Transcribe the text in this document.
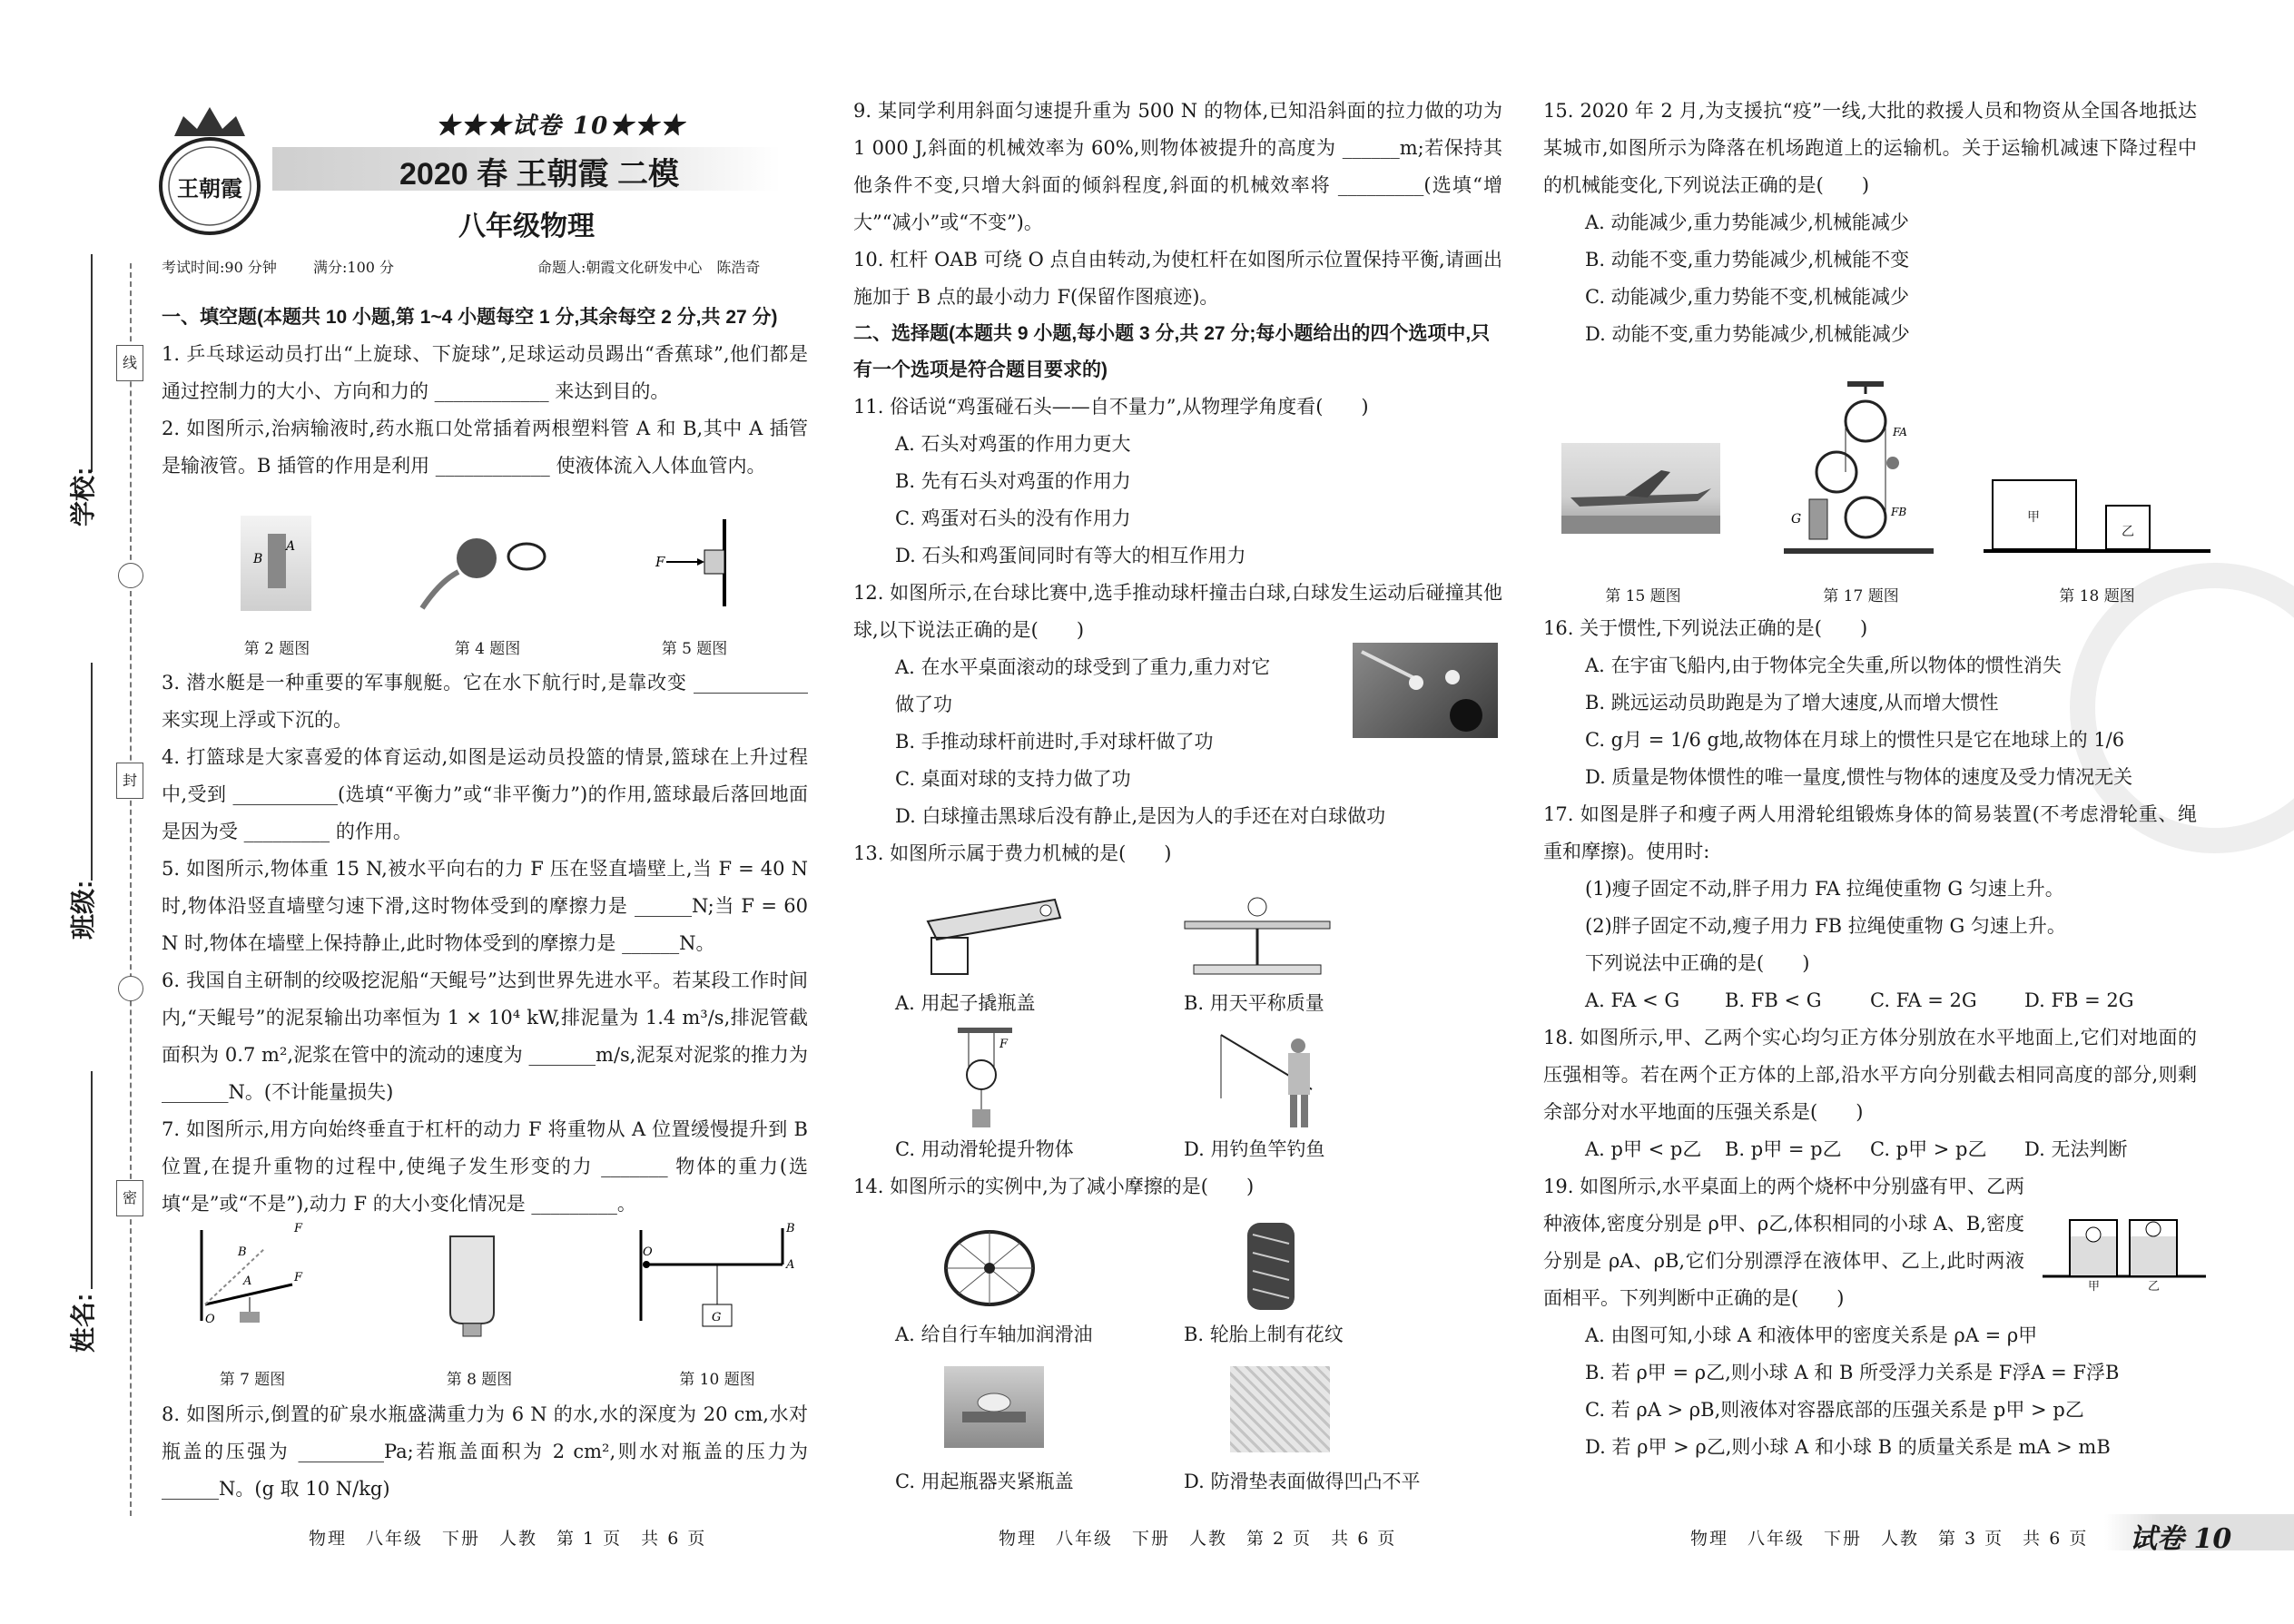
线
封
密
学校:
班级:
姓名:
王朝霞
★★★试卷 10★★★
2020 春 王朝霞 二模
八年级物理
考试时间:90 分钟	满分:100 分	命题人:朝霞文化研发中心　陈浩奇
一、填空题(本题共 10 小题,第 1~4 小题每空 1 分,其余每空 2 分,共 27 分)
1. 乒乓球运动员打出“上旋球、下旋球”,足球运动员踢出“香蕉球”,他们都是通过控制力的大小、方向和力的 ____________ 来达到目的。
2. 如图所示,治病输液时,药水瓶口处常插着两根塑料管 A 和 B,其中 A 插管是输液管。B 插管的作用是利用 ____________ 使液体流入人体血管内。
B
A
F
第 2 题图	第 4 题图	第 5 题图
3. 潜水艇是一种重要的军事舰艇。它在水下航行时,是靠改变 ____________ 来实现上浮或下沉的。
4. 打篮球是大家喜爱的体育运动,如图是运动员投篮的情景,篮球在上升过程中,受到 ___________(选填“平衡力”或“非平衡力”)的作用,篮球最后落回地面是因为受 _________ 的作用。
5. 如图所示,物体重 15 N,被水平向右的力 F 压在竖直墙壁上,当 F = 40 N 时,物体沿竖直墙壁匀速下滑,这时物体受到的摩擦力是 ______N;当 F = 60 N 时,物体在墙壁上保持静止,此时物体受到的摩擦力是 ______N。
6. 我国自主研制的绞吸挖泥船“天鲲号”达到世界先进水平。若某段工作时间内,“天鲲号”的泥泵输出功率恒为 1 × 10⁴ kW,排泥量为 1.4 m³/s,排泥管截面积为 0.7 m²,泥浆在管中的流动的速度为 _______m/s,泥泵对泥浆的推力为 _______N。(不计能量损失)
7. 如图所示,用方向始终垂直于杠杆的动力 F 将重物从 A 位置缓慢提升到 B 位置,在提升重物的过程中,使绳子发生形变的力 _______ 物体的重力(选填“是”或“不是”),动力 F 的大小变化情况是 _________。
O
A
B
F
F
G
O
A
B
第 7 题图	第 8 题图	第 10 题图
8. 如图所示,倒置的矿泉水瓶盛满重力为 6 N 的水,水的深度为 20 cm,水对瓶盖的压强为 _________Pa;若瓶盖面积为 2 cm²,则水对瓶盖的压力为 ______N。(g 取 10 N/kg)
物理　八年级　下册　人教　第 1 页　共 6 页
9. 某同学利用斜面匀速提升重为 500 N 的物体,已知沿斜面的拉力做的功为 1 000 J,斜面的机械效率为 60%,则物体被提升的高度为 ______m;若保持其他条件不变,只增大斜面的倾斜程度,斜面的机械效率将 _________(选填“增大”“减小”或“不变”)。
10. 杠杆 OAB 可绕 O 点自由转动,为使杠杆在如图所示位置保持平衡,请画出施加于 B 点的最小动力 F(保留作图痕迹)。
二、选择题(本题共 9 小题,每小题 3 分,共 27 分;每小题给出的四个选项中,只有一个选项是符合题目要求的)
11. 俗话说“鸡蛋碰石头——自不量力”,从物理学角度看(　　)
A. 石头对鸡蛋的作用力更大
B. 先有石头对鸡蛋的作用力
C. 鸡蛋对石头的没有作用力
D. 石头和鸡蛋间同时有等大的相互作用力
12. 如图所示,在台球比赛中,选手推动球杆撞击白球,白球发生运动后碰撞其他球,以下说法正确的是(　　)
A. 在水平桌面滚动的球受到了重力,重力对它做了功
B. 手推动球杆前进时,手对球杆做了功
C. 桌面对球的支持力做了功
D. 白球撞击黑球后没有静止,是因为人的手还在对白球做功
13. 如图所示属于费力机械的是(　　)
A. 用起子撬瓶盖	B. 用天平称质量
F
C. 用动滑轮提升物体	D. 用钓鱼竿钓鱼
14. 如图所示的实例中,为了减小摩擦的是(　　)
A. 给自行车轴加润滑油	B. 轮胎上制有花纹
C. 用起瓶器夹紧瓶盖	D. 防滑垫表面做得凹凸不平
物理　八年级　下册　人教　第 2 页　共 6 页
15. 2020 年 2 月,为支援抗“疫”一线,大批的救援人员和物资从全国各地抵达某城市,如图所示为降落在机场跑道上的运输机。关于运输机减速下降过程中的机械能变化,下列说法正确的是(　　)
A. 动能减少,重力势能减少,机械能减少
B. 动能不变,重力势能减少,机械能不变
C. 动能减少,重力势能不变,机械能减少
D. 动能不变,重力势能减少,机械能减少
G
FA
FB	甲
乙
第 15 题图	第 17 题图	第 18 题图
16. 关于惯性,下列说法正确的是(　　)
A. 在宇宙飞船内,由于物体完全失重,所以物体的惯性消失
B. 跳远运动员助跑是为了增大速度,从而增大惯性
C. g月 = 1/6 g地,故物体在月球上的惯性只是它在地球上的 1/6
D. 质量是物体惯性的唯一量度,惯性与物体的速度及受力情况无关
17. 如图是胖子和瘦子两人用滑轮组锻炼身体的简易装置(不考虑滑轮重、绳重和摩擦)。使用时:
(1)瘦子固定不动,胖子用力 FA 拉绳使重物 G 匀速上升。
(2)胖子固定不动,瘦子用力 FB 拉绳使重物 G 匀速上升。
下列说法中正确的是(　　)
A. FA < G	B. FB < G	C. FA = 2G	D. FB = 2G
18. 如图所示,甲、乙两个实心均匀正方体分别放在水平地面上,它们对地面的压强相等。若在两个正方体的上部,沿水平方向分别截去相同高度的部分,则剩余部分对水平地面的压强关系是(　　)
A. p甲 < p乙	B. p甲 = p乙	C. p甲 > p乙	D. 无法判断
19. 如图所示,水平桌面上的两个烧杯中分别盛有甲、乙两种液体,密度分别是 ρ甲、ρ乙,体积相同的小球 A、B,密度分别是 ρA、ρB,它们分别漂浮在液体甲、乙上,此时两液面相平。下列判断中正确的是(　　)
A. 由图可知,小球 A 和液体甲的密度关系是 ρA = ρ甲
B. 若 ρ甲 = ρ乙,则小球 A 和 B 所受浮力关系是 F浮A = F浮B
C. 若 ρA > ρB,则液体对容器底部的压强关系是 p甲 > p乙
D. 若 ρ甲 > ρ乙,则小球 A 和小球 B 的质量关系是 mA > mB
甲	乙
物理　八年级　下册　人教　第 3 页　共 6 页 试卷 10
